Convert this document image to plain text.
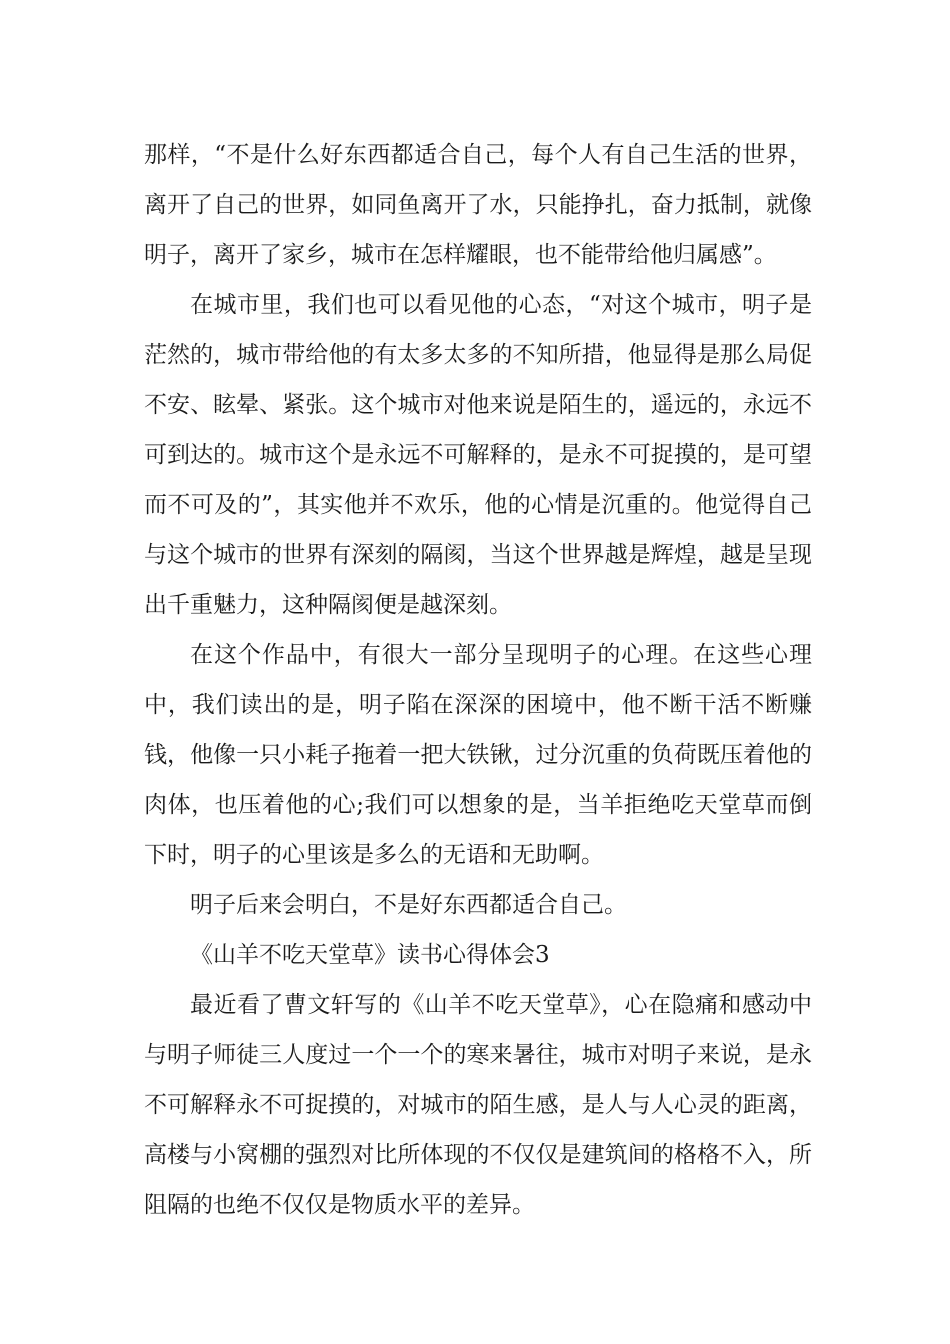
那样，“不是什么好东西都适合自己，每个人有自己生活的世界，离开了自己的世界，如同鱼离开了水，只能挣扎，奋力抵制，就像明子，离开了家乡，城市在怎样耀眼，也不能带给他归属感”。

在城市里，我们也可以看见他的心态，“对这个城市，明子是茫然的，城市带给他的有太多太多的不知所措，他显得是那么局促不安、眩晕、紧张。这个城市对他来说是陌生的，遥远的，永远不可到达的。城市这个是永远不可解释的，是永不可捉摸的，是可望而不可及的”，其实他并不欢乐，他的心情是沉重的。他觉得自己与这个城市的世界有深刻的隔阂，当这个世界越是辉煌，越是呈现出千重魅力，这种隔阂便是越深刻。

在这个作品中，有很大一部分呈现明子的心理。在这些心理中，我们读出的是，明子陷在深深的困境中，他不断干活不断赚钱，他像一只小耗子拖着一把大铁锹，过分沉重的负荷既压着他的肉体，也压着他的心;我们可以想象的是，当羊拒绝吃天堂草而倒下时，明子的心里该是多么的无语和无助啊。

明子后来会明白，不是好东西都适合自己。

《山羊不吃天堂草》读书心得体会3

最近看了曹文轩写的《山羊不吃天堂草》，心在隐痛和感动中与明子师徒三人度过一个一个的寒来暑往，城市对明子来说，是永不可解释永不可捉摸的，对城市的陌生感，是人与人心灵的距离，高楼与小窝棚的强烈对比所体现的不仅仅是建筑间的格格不入，所阻隔的也绝不仅仅是物质水平的差异。
